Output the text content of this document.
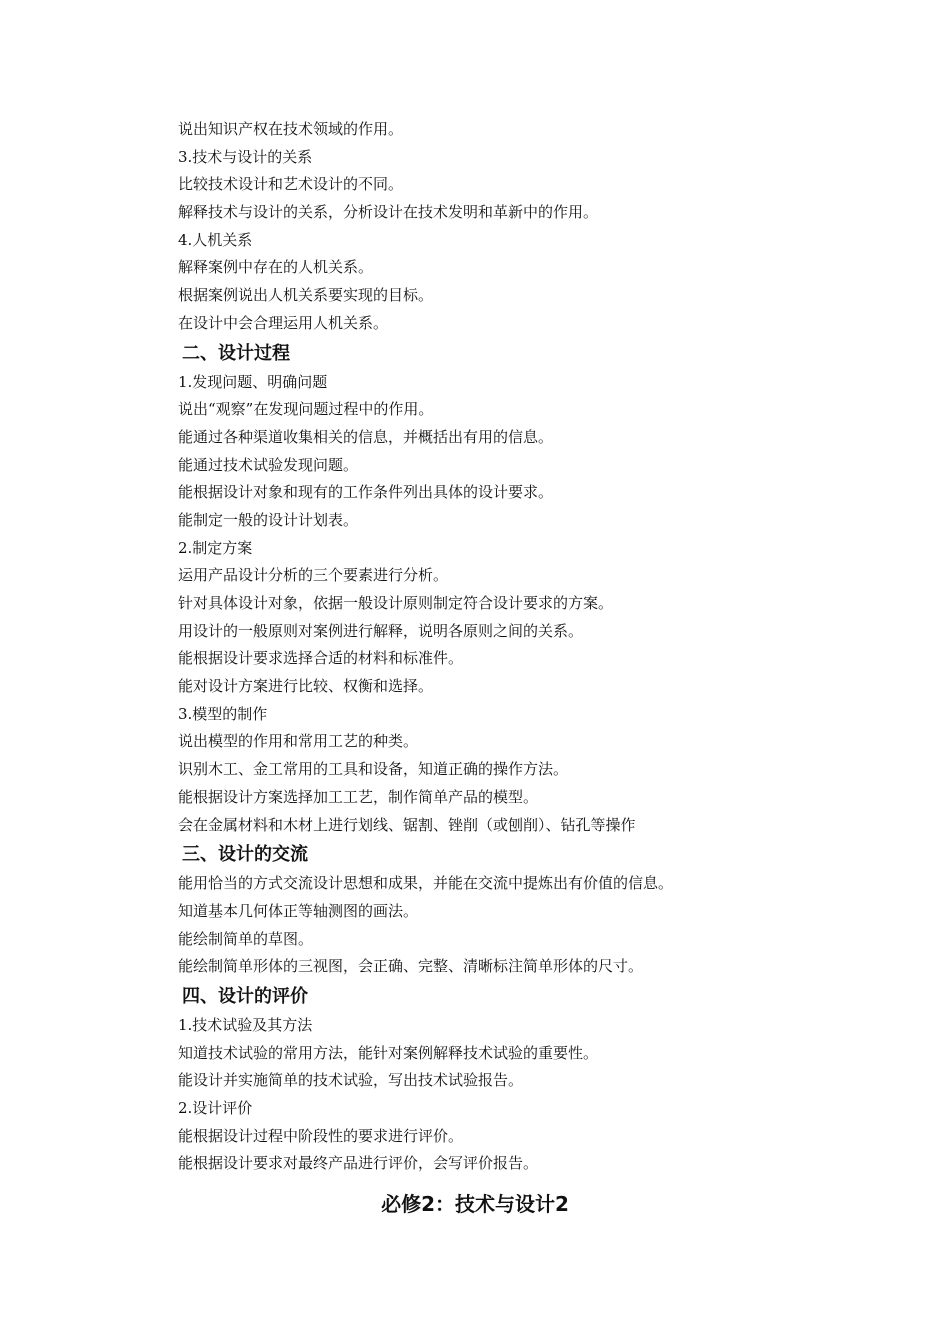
说出知识产权在技术领域的作用。
3.技术与设计的关系
比较技术设计和艺术设计的不同。
解释技术与设计的关系，分析设计在技术发明和革新中的作用。
4.人机关系
解释案例中存在的人机关系。
根据案例说出人机关系要实现的目标。
在设计中会合理运用人机关系。
二、设计过程
1.发现问题、明确问题
说出“观察”在发现问题过程中的作用。
能通过各种渠道收集相关的信息，并概括出有用的信息。
能通过技术试验发现问题。
能根据设计对象和现有的工作条件列出具体的设计要求。
能制定一般的设计计划表。
2.制定方案
运用产品设计分析的三个要素进行分析。
针对具体设计对象，依据一般设计原则制定符合设计要求的方案。
用设计的一般原则对案例进行解释，说明各原则之间的关系。
能根据设计要求选择合适的材料和标准件。
能对设计方案进行比较、权衡和选择。
3.模型的制作
说出模型的作用和常用工艺的种类。
识别木工、金工常用的工具和设备，知道正确的操作方法。
能根据设计方案选择加工工艺，制作简单产品的模型。
会在金属材料和木材上进行划线、锯割、锉削（或刨削）、钻孔等操作
三、设计的交流
能用恰当的方式交流设计思想和成果，并能在交流中提炼出有价值的信息。
知道基本几何体正等轴测图的画法。
能绘制简单的草图。
能绘制简单形体的三视图，会正确、完整、清晰标注简单形体的尺寸。
四、设计的评价
1.技术试验及其方法
知道技术试验的常用方法，能针对案例解释技术试验的重要性。
能设计并实施简单的技术试验，写出技术试验报告。
2.设计评价
能根据设计过程中阶段性的要求进行评价。
能根据设计要求对最终产品进行评价，会写评价报告。
必修2：技术与设计2
